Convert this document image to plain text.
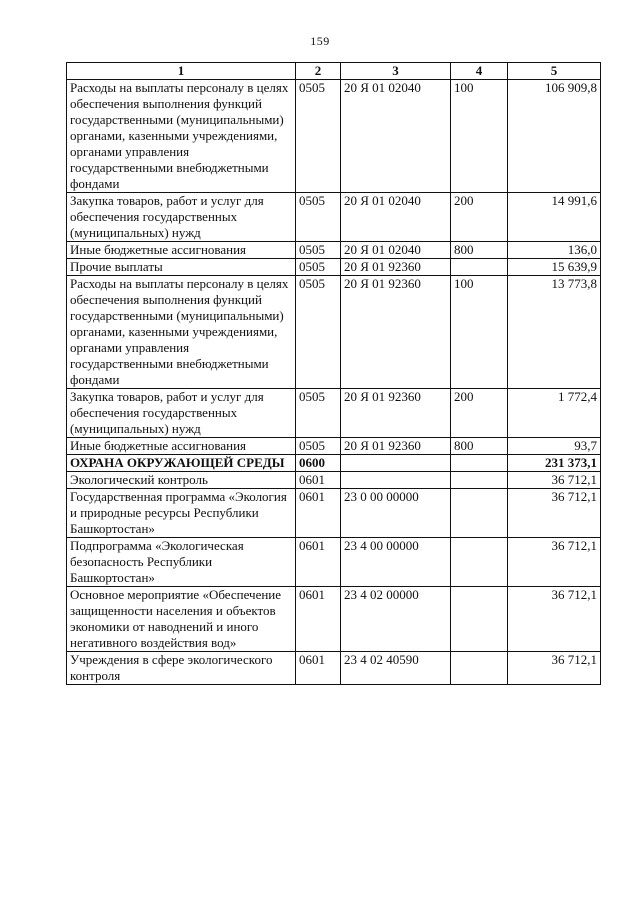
159
1	2	3	4	5
Расходы на выплаты персоналу в целях обеспечения выполнения функций государственными (муниципальными) органами, казенными учреждениями, органами управления государственными внебюджетными фондами	0505	20 Я 01 02040	100	106 909,8
Закупка товаров, работ и услуг для обеспечения государственных (муниципальных) нужд	0505	20 Я 01 02040	200	14 991,6
Иные бюджетные ассигнования	0505	20 Я 01 02040	800	136,0
Прочие выплаты	0505	20 Я 01 92360		15 639,9
Расходы на выплаты персоналу в целях обеспечения выполнения функций государственными (муниципальными) органами, казенными учреждениями, органами управления государственными внебюджетными фондами	0505	20 Я 01 92360	100	13 773,8
Закупка товаров, работ и услуг для обеспечения государственных (муниципальных) нужд	0505	20 Я 01 92360	200	1 772,4
Иные бюджетные ассигнования	0505	20 Я 01 92360	800	93,7
ОХРАНА ОКРУЖАЮЩЕЙ СРЕДЫ	0600			231 373,1
Экологический контроль	0601			36 712,1
Государственная программа «Экология и природные ресурсы Республики Башкортостан»	0601	23 0 00 00000		36 712,1
Подпрограмма «Экологическая безопасность Республики Башкортостан»	0601	23 4 00 00000		36 712,1
Основное мероприятие «Обеспечение защищенности населения и объектов экономики от наводнений и иного негативного воздействия вод»	0601	23 4 02 00000		36 712,1
Учреждения в сфере экологического контроля	0601	23 4 02 40590		36 712,1
